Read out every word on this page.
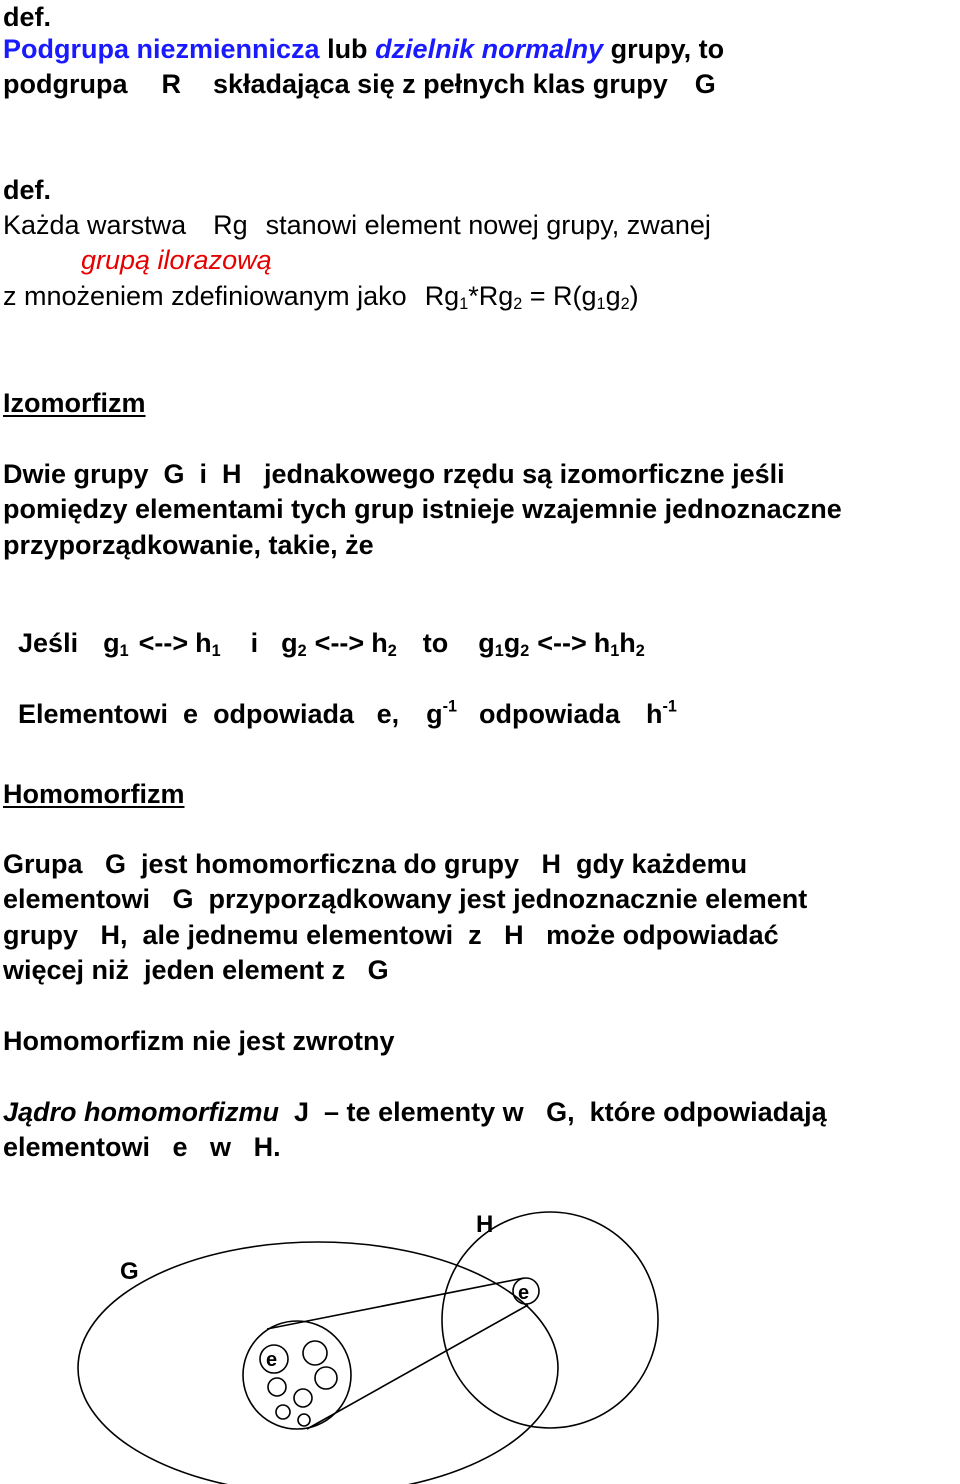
def.
Podgrupa niezmiennicza lub dzielnik normalny grupy, to
podgrupa R składająca się z pełnych klas grupy G
def.
Każda warstwa Rg stanowi element nowej grupy, zwanej
grupą ilorazową
z mnożeniem zdefiniowanym jako $Rg_1*Rg_2 = R(g_1g_2)$
Izomorfizm
Dwie grupy  G  i  H   jednakowego rzędu są izomorficzne jeśli
pomiędzy elementami tych grup istnieje wzajemnie jednoznaczne
przyporządkowanie, takie, że

Jeśli $g_1$ <--> $h_1$ i $g_2$ <--> $h_2$ to $g_1g_2$ <--> $h_1h_2$

Elementowi  e  odpowiada   e, $g^{-1}$ odpowiada $h^{-1}$

Homomorfizm
Grupa   G  jest homomorficzna do grupy   H  gdy każdemu
elementowi   G  przyporządkowany jest jednoznacznie element
grupy   H,  ale jednemu elementowi  z   H   może odpowiadać
więcej niż  jeden element z   G
Homomorfizm nie jest zwrotny
Jądro homomorfizmu  J  – te elementy w   G,  które odpowiadają
elementowi   e   w   H.
G
H
e
e
